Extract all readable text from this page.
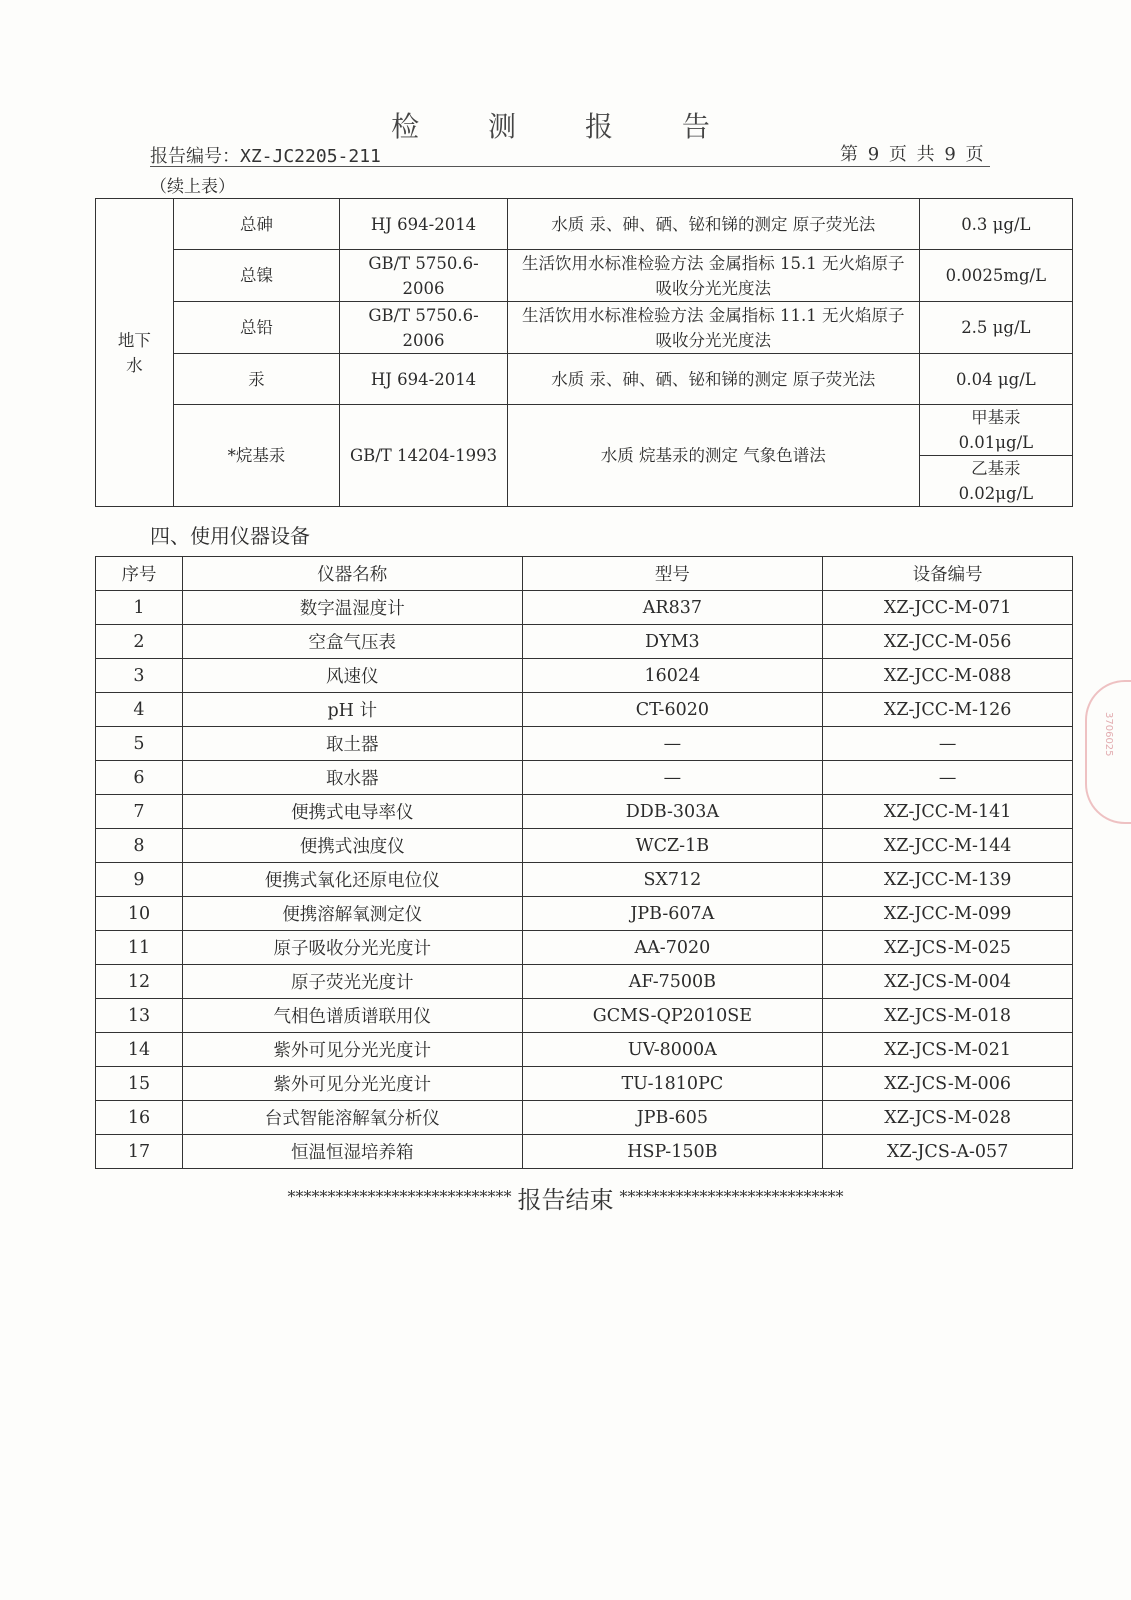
检 测 报 告
报告编号：XZ-JC2205-211	第 9 页 共 9 页
（续上表）
地下水	总砷	HJ 694-2014	水质 汞、砷、硒、铋和锑的测定 原子荧光法	0.3 μg/L
	总镍	GB/T 5750.6-2006	生活饮用水标准检验方法 金属指标 15.1 无火焰原子吸收分光光度法	0.0025mg/L
	总铅	GB/T 5750.6-2006	生活饮用水标准检验方法 金属指标 11.1 无火焰原子吸收分光光度法	2.5 μg/L
	汞	HJ 694-2014	水质 汞、砷、硒、铋和锑的测定 原子荧光法	0.04 μg/L
	*烷基汞	GB/T 14204-1993	水质 烷基汞的测定 气象色谱法	甲基汞 0.01μg/L
				乙基汞 0.02μg/L
四、使用仪器设备
序号	仪器名称	型号	设备编号
1	数字温湿度计	AR837	XZ-JCC-M-071
2	空盒气压表	DYM3	XZ-JCC-M-056
3	风速仪	16024	XZ-JCC-M-088
4	pH 计	CT-6020	XZ-JCC-M-126
5	取土器	—	—
6	取水器	—	—
7	便携式电导率仪	DDB-303A	XZ-JCC-M-141
8	便携式浊度仪	WCZ-1B	XZ-JCC-M-144
9	便携式氧化还原电位仪	SX712	XZ-JCC-M-139
10	便携溶解氧测定仪	JPB-607A	XZ-JCC-M-099
11	原子吸收分光光度计	AA-7020	XZ-JCS-M-025
12	原子荧光光度计	AF-7500B	XZ-JCS-M-004
13	气相色谱质谱联用仪	GCMS-QP2010SE	XZ-JCS-M-018
14	紫外可见分光光度计	UV-8000A	XZ-JCS-M-021
15	紫外可见分光光度计	TU-1810PC	XZ-JCS-M-006
16	台式智能溶解氧分析仪	JPB-605	XZ-JCS-M-028
17	恒温恒湿培养箱	HSP-150B	XZ-JCS-A-057
**************************** 报告结束 ****************************
3706025
